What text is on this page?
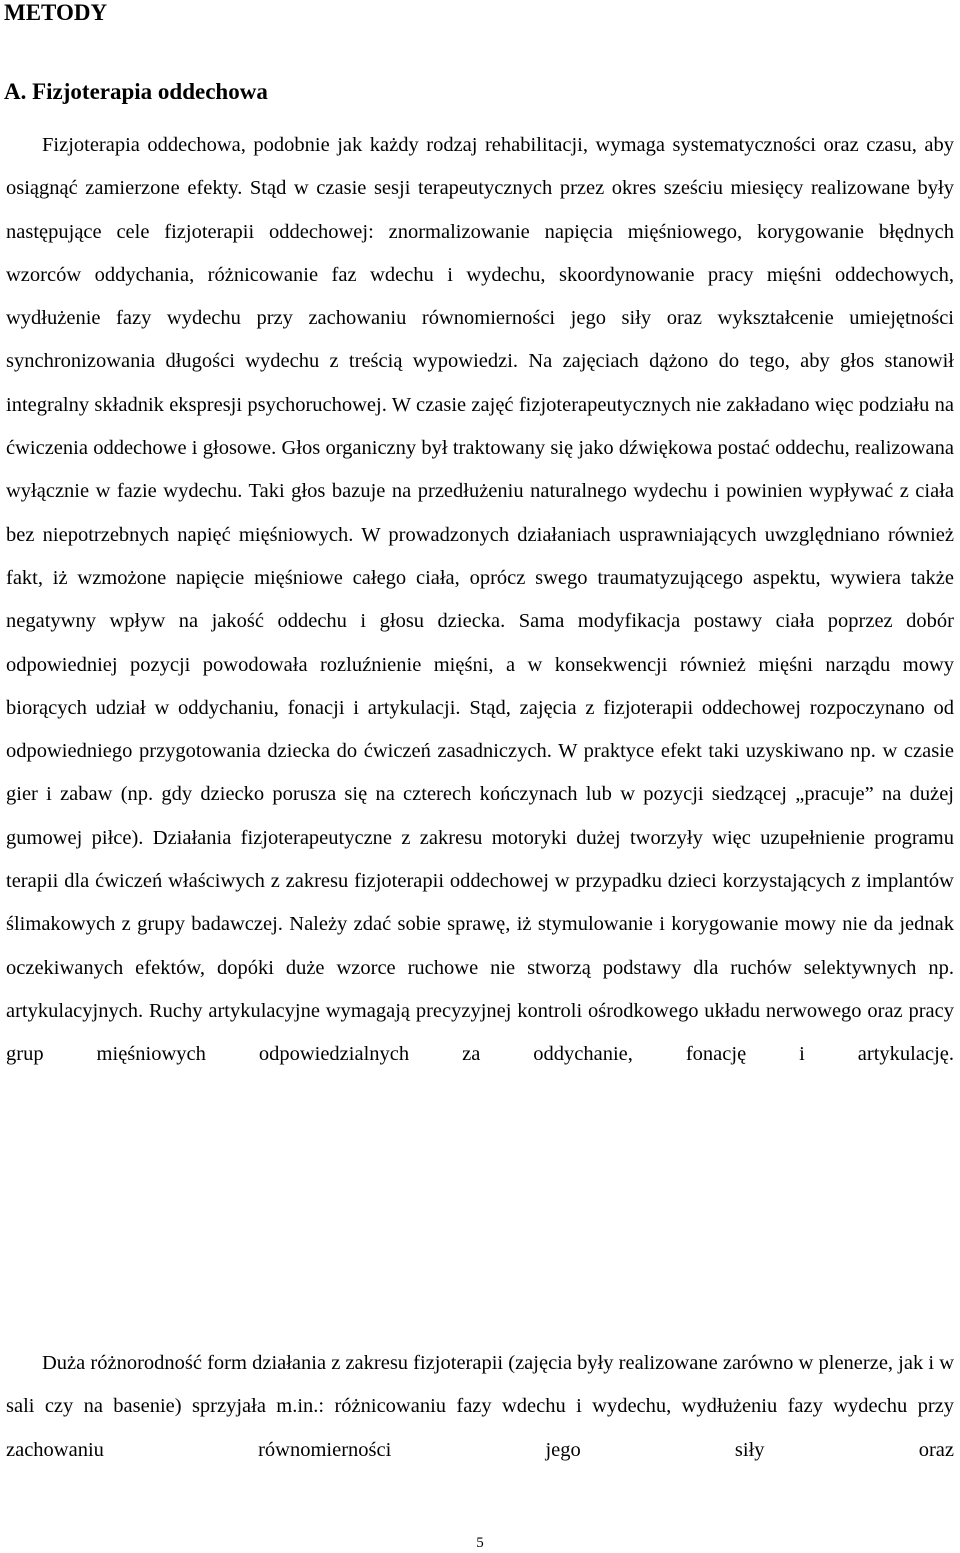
METODY
A. Fizjoterapia oddechowa

Fizjoterapia oddechowa, podobnie jak każdy rodzaj rehabilitacji, wymaga systematyczności oraz czasu, aby osiągnąć zamierzone efekty. Stąd w czasie sesji terapeutycznych przez okres sześciu miesięcy realizowane były następujące cele fizjoterapii oddechowej: znormalizowanie napięcia mięśniowego, korygowanie błędnych wzorców oddychania, różnicowanie faz wdechu i wydechu, skoordynowanie pracy mięśni oddechowych, wydłużenie fazy wydechu przy zachowaniu równomierności jego siły oraz wykształcenie umiejętności synchronizowania długości wydechu z treścią wypowiedzi. Na zajęciach dążono do tego, aby głos stanowił integralny składnik ekspresji psychoruchowej. W czasie zajęć fizjoterapeutycznych nie zakładano więc podziału na ćwiczenia oddechowe i głosowe. Głos organiczny był traktowany się jako dźwiękowa postać oddechu, realizowana wyłącznie w fazie wydechu. Taki głos bazuje na przedłużeniu naturalnego wydechu i powinien wypływać z ciała bez niepotrzebnych napięć mięśniowych. W prowadzonych działaniach usprawniających uwzględniano również fakt, iż wzmożone napięcie mięśniowe całego ciała, oprócz swego traumatyzującego aspektu, wywiera także negatywny wpływ na jakość oddechu i głosu dziecka. Sama modyfikacja postawy ciała poprzez dobór odpowiedniej pozycji powodowała rozluźnienie mięśni, a w konsekwencji również mięśni narządu mowy biorących udział w oddychaniu, fonacji i artykulacji. Stąd, zajęcia z fizjoterapii oddechowej rozpoczynano od odpowiedniego przygotowania dziecka do ćwiczeń zasadniczych. W praktyce efekt taki uzyskiwano np. w czasie gier i zabaw (np. gdy dziecko porusza się na czterech kończynach lub w pozycji siedzącej „pracuje” na dużej gumowej piłce). Działania fizjoterapeutyczne z zakresu motoryki dużej tworzyły więc uzupełnienie programu terapii dla ćwiczeń właściwych z zakresu fizjoterapii oddechowej w przypadku dzieci korzystających z implantów ślimakowych z grupy badawczej. Należy zdać sobie sprawę, iż stymulowanie i korygowanie mowy nie da jednak oczekiwanych efektów, dopóki duże wzorce ruchowe nie stworzą podstawy dla ruchów selektywnych np. artykulacyjnych. Ruchy artykulacyjne wymagają precyzyjnej kontroli ośrodkowego układu nerwowego oraz pracy grup mięśniowych odpowiedzialnych za oddychanie, fonację i artykulację.

Duża różnorodność form działania z zakresu fizjoterapii (zajęcia były realizowane zarówno w plenerze, jak i w sali czy na basenie) sprzyjała m.in.: różnicowaniu fazy wdechu i wydechu, wydłużeniu fazy wydechu przy zachowaniu równomierności jego siły oraz

5
